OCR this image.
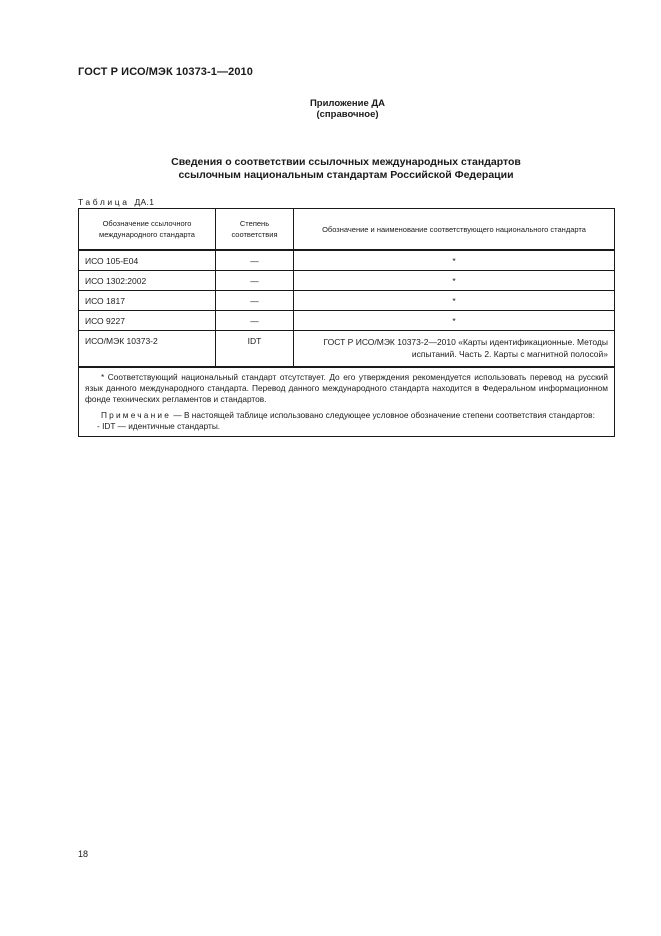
ГОСТ Р ИСО/МЭК 10373-1—2010
Приложение ДА
(справочное)
Сведения о соответствии ссылочных международных стандартов
ссылочным национальным стандартам Российской Федерации
Таблица ДА.1
Обозначение ссылочного международного стандарта	Степень соответствия	Обозначение и наименование соответствующего национального стандарта
ИСО 105-E04	—	*
ИСО 1302:2002	—	*
ИСО 1817	—	*
ИСО 9227	—	*
ИСО/МЭК 10373-2	IDT	ГОСТ Р ИСО/МЭК 10373-2—2010 «Карты идентификационные. Методы испытаний. Часть 2. Карты с магнитной полосой»

* Соответствующий национальный стандарт отсутствует. До его утверждения рекомендуется использовать перевод на русский язык данного международного стандарта. Перевод данного международного стандарта находится в Федеральном информационном фонде технических регламентов и стандартов.

Примечание — В настоящей таблице использовано следующее условное обозначение степени соответствия стандартов:

- IDT — идентичные стандарты.		

18
